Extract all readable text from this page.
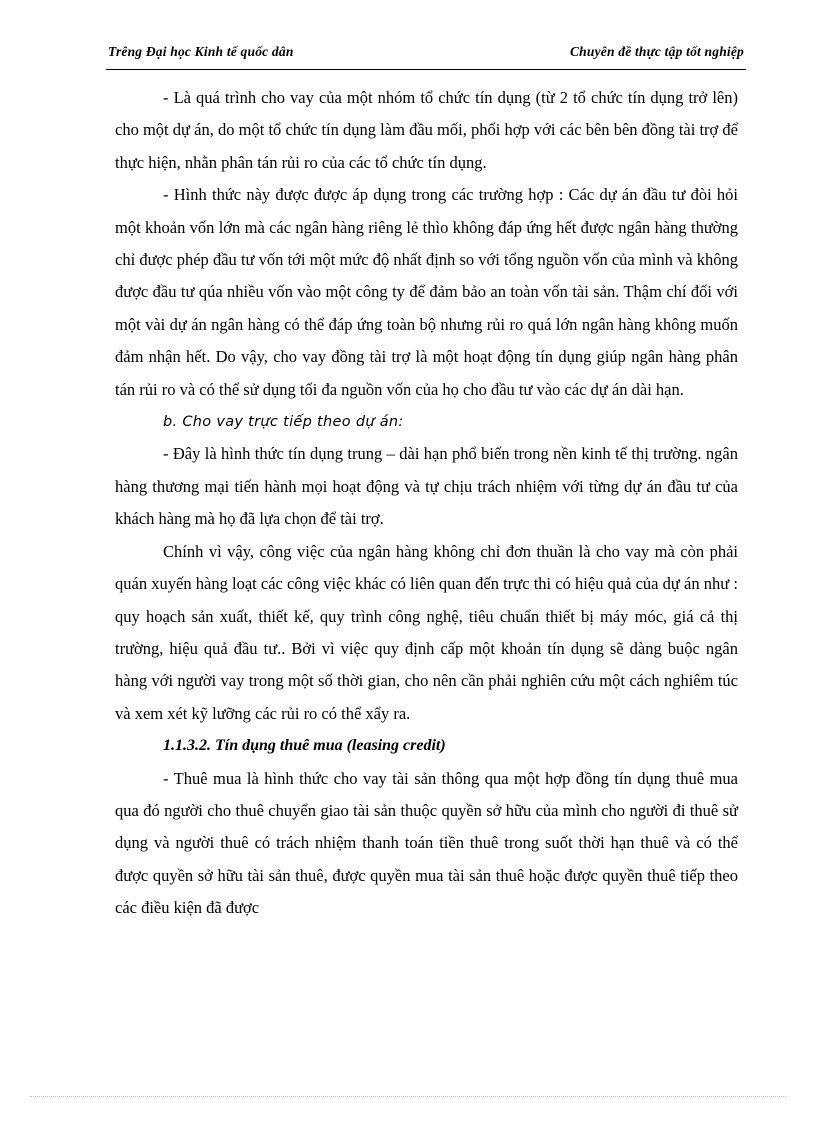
Trêng Đại học Kinh tế quốc dân	Chuyên đề thực tập tốt nghiệp

- Là quá trình cho vay của một nhóm tổ chức tín dụng (từ 2 tổ chức tín dụng trở lên) cho một dự án, do một tổ chức tín dụng làm đầu mối, phối hợp với các bên bên đồng tài trợ để thực hiện, nhằn phân tán rủi ro của các tổ chức tín dụng.

- Hình thức này được được áp dụng trong các trường hợp : Các dự án đầu tư đòi hỏi một khoản vốn lớn mà các ngân hàng riêng lẻ thìo không đáp ứng hết được ngân hàng thường chỉ được phép đầu tư vốn tới một mức độ nhất định so với tổng nguồn vốn của mình và không được đầu tư qúa nhiều vốn vào một công ty để đảm bảo an toàn vốn tài sản. Thậm chí đối với một vài dự án ngân hàng có thể đáp ứng toàn bộ nhưng rủi ro quá lớn ngân hàng không muốn đảm nhận hết. Do vậy, cho vay đồng tài trợ là một hoạt động tín dụng giúp ngân hàng phân tán rủi ro và có thể sử dụng tối đa nguồn vốn của họ cho đầu tư vào các dự án dài hạn.

b. Cho vay trực tiếp theo dự án:

- Đây là hình thức tín dụng trung – dài hạn phổ biến trong nền kinh tế thị trường. ngân hàng thương mại tiến hành mọi hoạt động và tự chịu trách nhiệm với từng dự án đầu tư của khách hàng mà họ đã lựa chọn để tài trợ.

Chính vì vậy, công việc của ngân hàng không chỉ đơn thuần là cho vay mà còn phải quán xuyến hàng loạt các công việc khác có liên quan đến trực thi có hiệu quả của dự án như : quy hoạch sản xuất, thiết kế, quy trình công nghệ, tiêu chuẩn thiết bị máy móc, giá cả thị trường, hiệu quả đầu tư.. Bởi vì việc quy định cấp một khoản tín dụng sẽ dàng buộc ngân hàng với người vay trong một số thời gian, cho nên cần phải nghiên cứu một cách nghiêm túc và xem xét kỹ lưỡng các rủi ro có thể xẩy ra.

1.1.3.2. Tín dụng thuê mua (leasing credit)

- Thuê mua là hình thức cho vay tài sản thông qua một hợp đồng tín dụng thuê mua qua đó người cho thuê chuyển giao tài sản thuộc quyền sở hữu của mình cho người đi thuê sử dụng và người thuê có trách nhiệm thanh toán tiền thuê trong suốt thời hạn thuê và có thể được quyền sở hữu tài sản thuê, được quyền mua tài sản thuê hoặc được quyền thuê tiếp theo các điều kiện đã được
